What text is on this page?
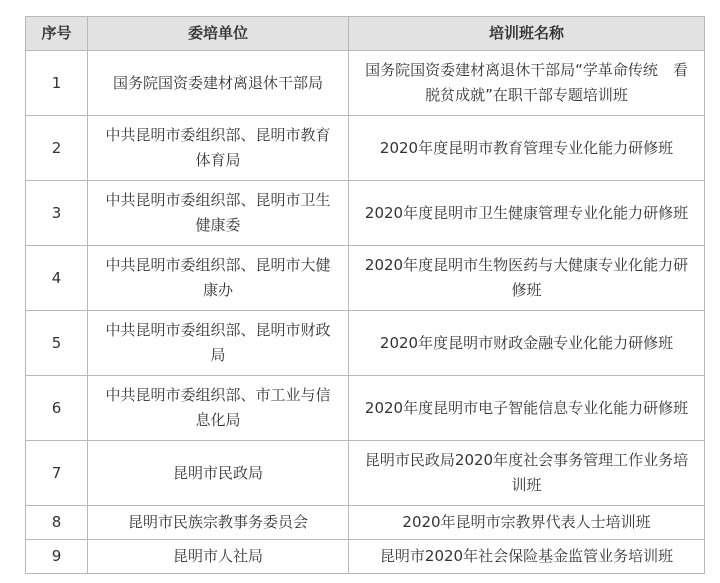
序号	委培单位	培训班名称
1	国务院国资委建材离退休干部局	国务院国资委建材离退休干部局“学革命传统　看脱贫成就”在职干部专题培训班
2	中共昆明市委组织部、昆明市教育体育局	2020年度昆明市教育管理专业化能力研修班
3	中共昆明市委组织部、昆明市卫生健康委	2020年度昆明市卫生健康管理专业化能力研修班
4	中共昆明市委组织部、昆明市大健康办	2020年度昆明市生物医药与大健康专业化能力研修班
5	中共昆明市委组织部、昆明市财政局	2020年度昆明市财政金融专业化能力研修班
6	中共昆明市委组织部、市工业与信息化局	2020年度昆明市电子智能信息专业化能力研修班
7	昆明市民政局	昆明市民政局2020年度社会事务管理工作业务培训班
8	昆明市民族宗教事务委员会	2020年昆明市宗教界代表人士培训班
9	昆明市人社局	昆明市2020年社会保险基金监管业务培训班
